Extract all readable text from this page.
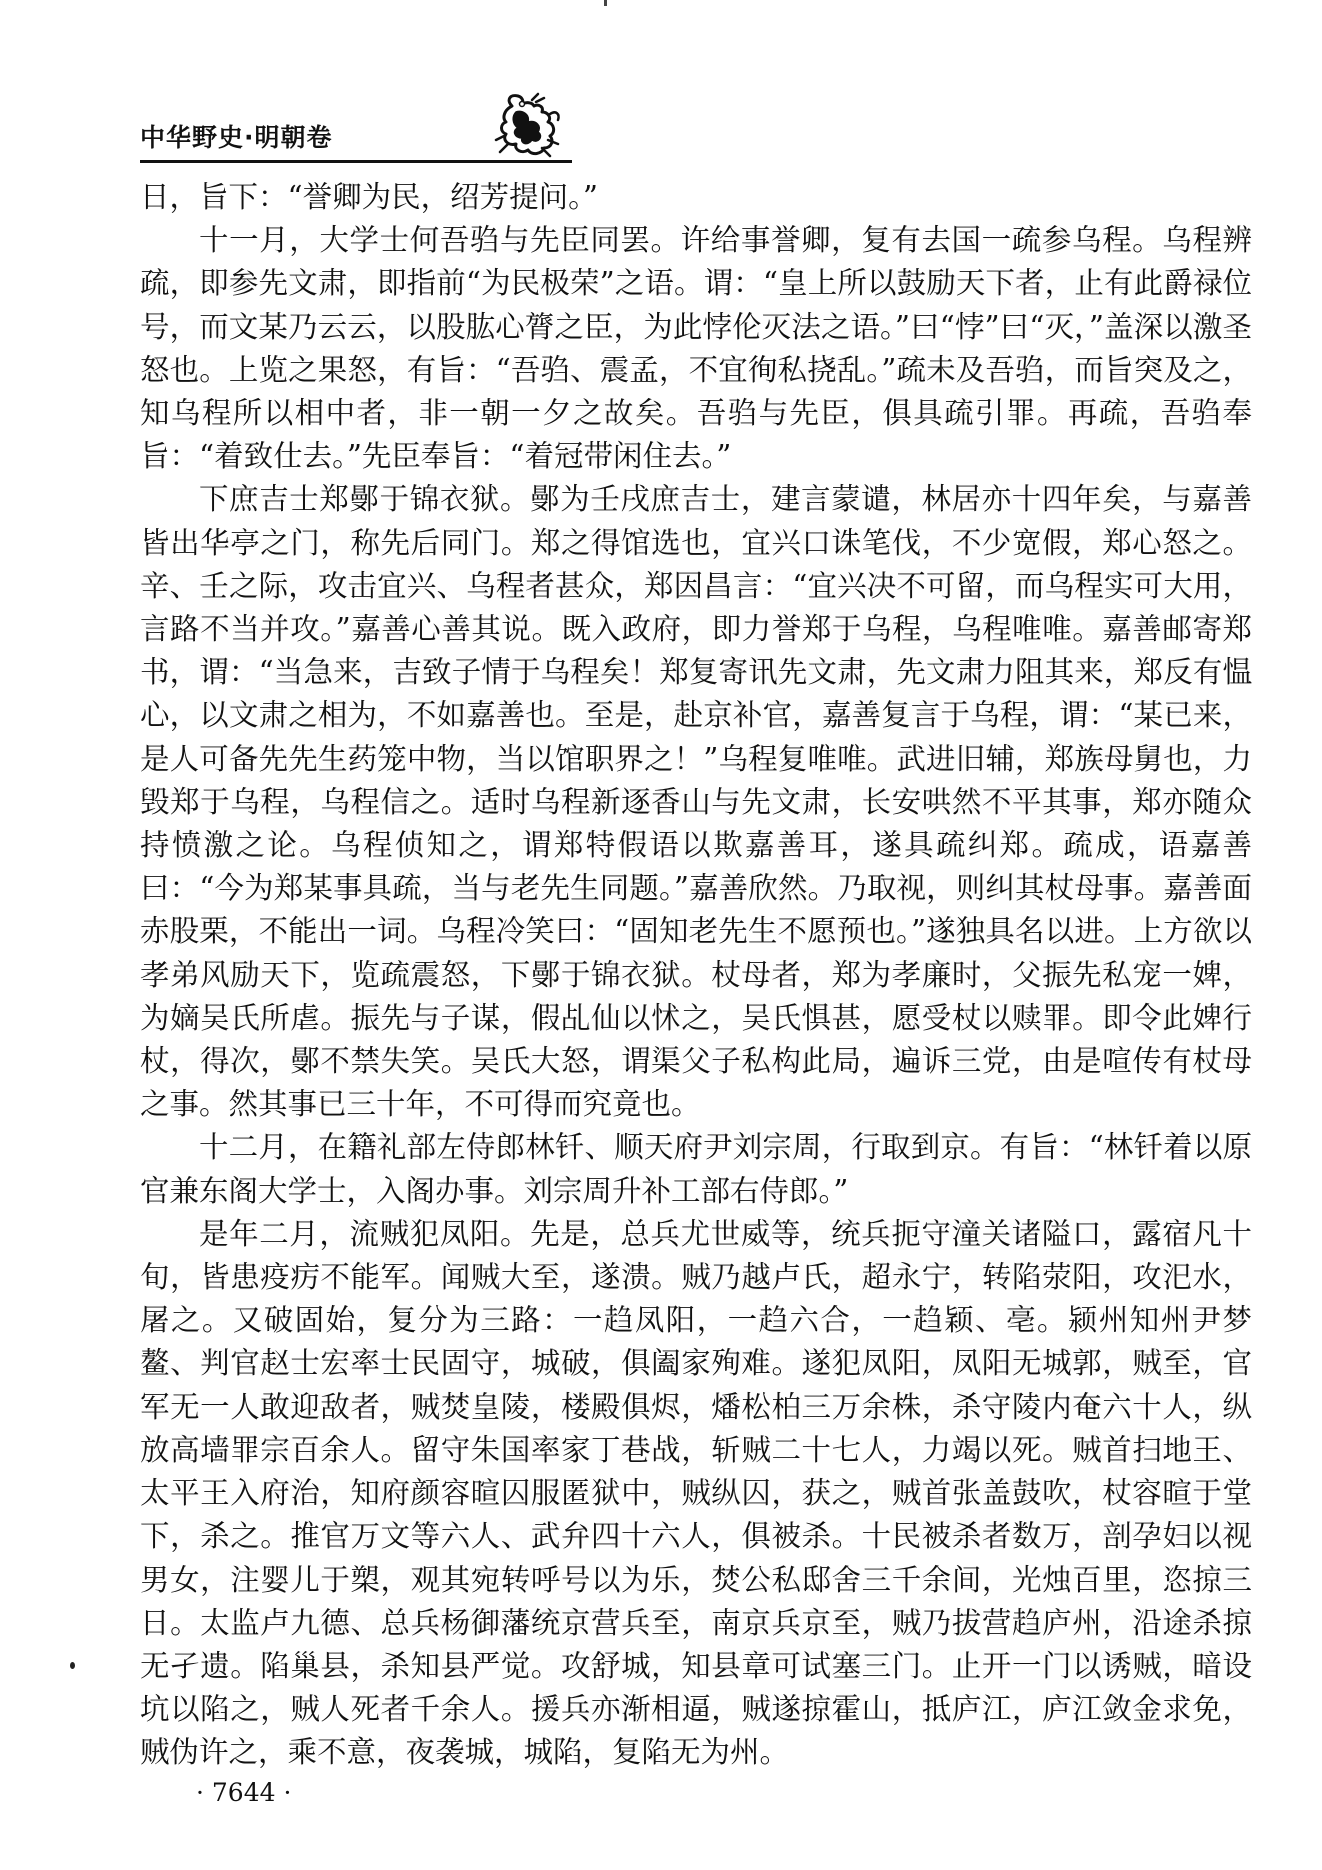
中华野史·明朝卷

日，旨下：“誉卿为民，绍芳提问。”

十一月，大学士何吾驺与先臣同罢。许给事誉卿，复有去国一疏参乌程。乌程辨疏，即参先文肃，即指前“为民极荣”之语。谓：“皇上所以鼓励天下者，止有此爵禄位号，而文某乃云云，以股肱心膂之臣，为此悖伦灭法之语。”曰“悖”曰“灭，”盖深以激圣怒也。上览之果怒，有旨：“吾驺、震孟，不宜徇私挠乱。”疏未及吾驺，而旨突及之，知乌程所以相中者，非一朝一夕之故矣。吾驺与先臣，俱具疏引罪。再疏，吾驺奉旨：“着致仕去。”先臣奉旨：“着冠带闲住去。”

下庶吉士郑鄤于锦衣狱。鄤为壬戌庶吉士，建言蒙谴，林居亦十四年矣，与嘉善皆出华亭之门，称先后同门。郑之得馆选也，宜兴口诛笔伐，不少宽假，郑心怒之。辛、壬之际，攻击宜兴、乌程者甚众，郑因昌言：“宜兴决不可留，而乌程实可大用，言路不当并攻。”嘉善心善其说。既入政府，即力誉郑于乌程，乌程唯唯。嘉善邮寄郑书，谓：“当急来，吉致子情于乌程矣！郑复寄讯先文肃，先文肃力阻其来，郑反有愠心，以文肃之相为，不如嘉善也。至是，赴京补官，嘉善复言于乌程，谓：“某已来，是人可备先先生药笼中物，当以馆职界之！”乌程复唯唯。武进旧辅，郑族母舅也，力毁郑于乌程，乌程信之。适时乌程新逐香山与先文肃，长安哄然不平其事，郑亦随众持愤激之论。乌程侦知之，谓郑特假语以欺嘉善耳，遂具疏纠郑。疏成，语嘉善曰：“今为郑某事具疏，当与老先生同题。”嘉善欣然。乃取视，则纠其杖母事。嘉善面赤股栗，不能出一词。乌程冷笑曰：“固知老先生不愿预也。”遂独具名以进。上方欲以孝弟风励天下，览疏震怒，下鄤于锦衣狱。杖母者，郑为孝廉时，父振先私宠一婢，为嫡吴氏所虐。振先与子谋，假乩仙以怵之，吴氏惧甚，愿受杖以赎罪。即令此婢行杖，得次，鄤不禁失笑。吴氏大怒，谓渠父子私构此局，遍诉三党，由是喧传有杖母之事。然其事已三十年，不可得而究竟也。

十二月，在籍礼部左侍郎林钎、顺天府尹刘宗周，行取到京。有旨：“林钎着以原官兼东阁大学士，入阁办事。刘宗周升补工部右侍郎。”

是年二月，流贼犯凤阳。先是，总兵尤世威等，统兵扼守潼关诸隘口，露宿凡十旬，皆患疫疠不能军。闻贼大至，遂溃。贼乃越卢氏，超永宁，转陷荥阳，攻汜水，屠之。又破固始，复分为三路：一趋凤阳，一趋六合，一趋颖、亳。颍州知州尹梦鳌、判官赵士宏率士民固守，城破，俱阖家殉难。遂犯凤阳，凤阳无城郭，贼至，官军无一人敢迎敌者，贼焚皇陵，楼殿俱烬，燔松柏三万余株，杀守陵内奄六十人，纵放高墙罪宗百余人。留守朱国率家丁巷战，斩贼二十七人，力竭以死。贼首扫地王、太平王入府治，知府颜容暄囚服匿狱中，贼纵囚，获之，贼首张盖鼓吹，杖容暄于堂下，杀之。推官万文等六人、武弁四十六人，俱被杀。十民被杀者数万，剖孕妇以视男女，注婴儿于槊，观其宛转呼号以为乐，焚公私邸舍三千余间，光烛百里，恣掠三日。太监卢九德、总兵杨御藩统京营兵至，南京兵京至，贼乃拔营趋庐州，沿途杀掠无孑遗。陷巢县，杀知县严觉。攻舒城，知县章可试塞三门。止开一门以诱贼，暗设坑以陷之，贼人死者千余人。援兵亦渐相逼，贼遂掠霍山，抵庐江，庐江敛金求免，贼伪许之，乘不意，夜袭城，城陷，复陷无为州。

· 7644 ·
